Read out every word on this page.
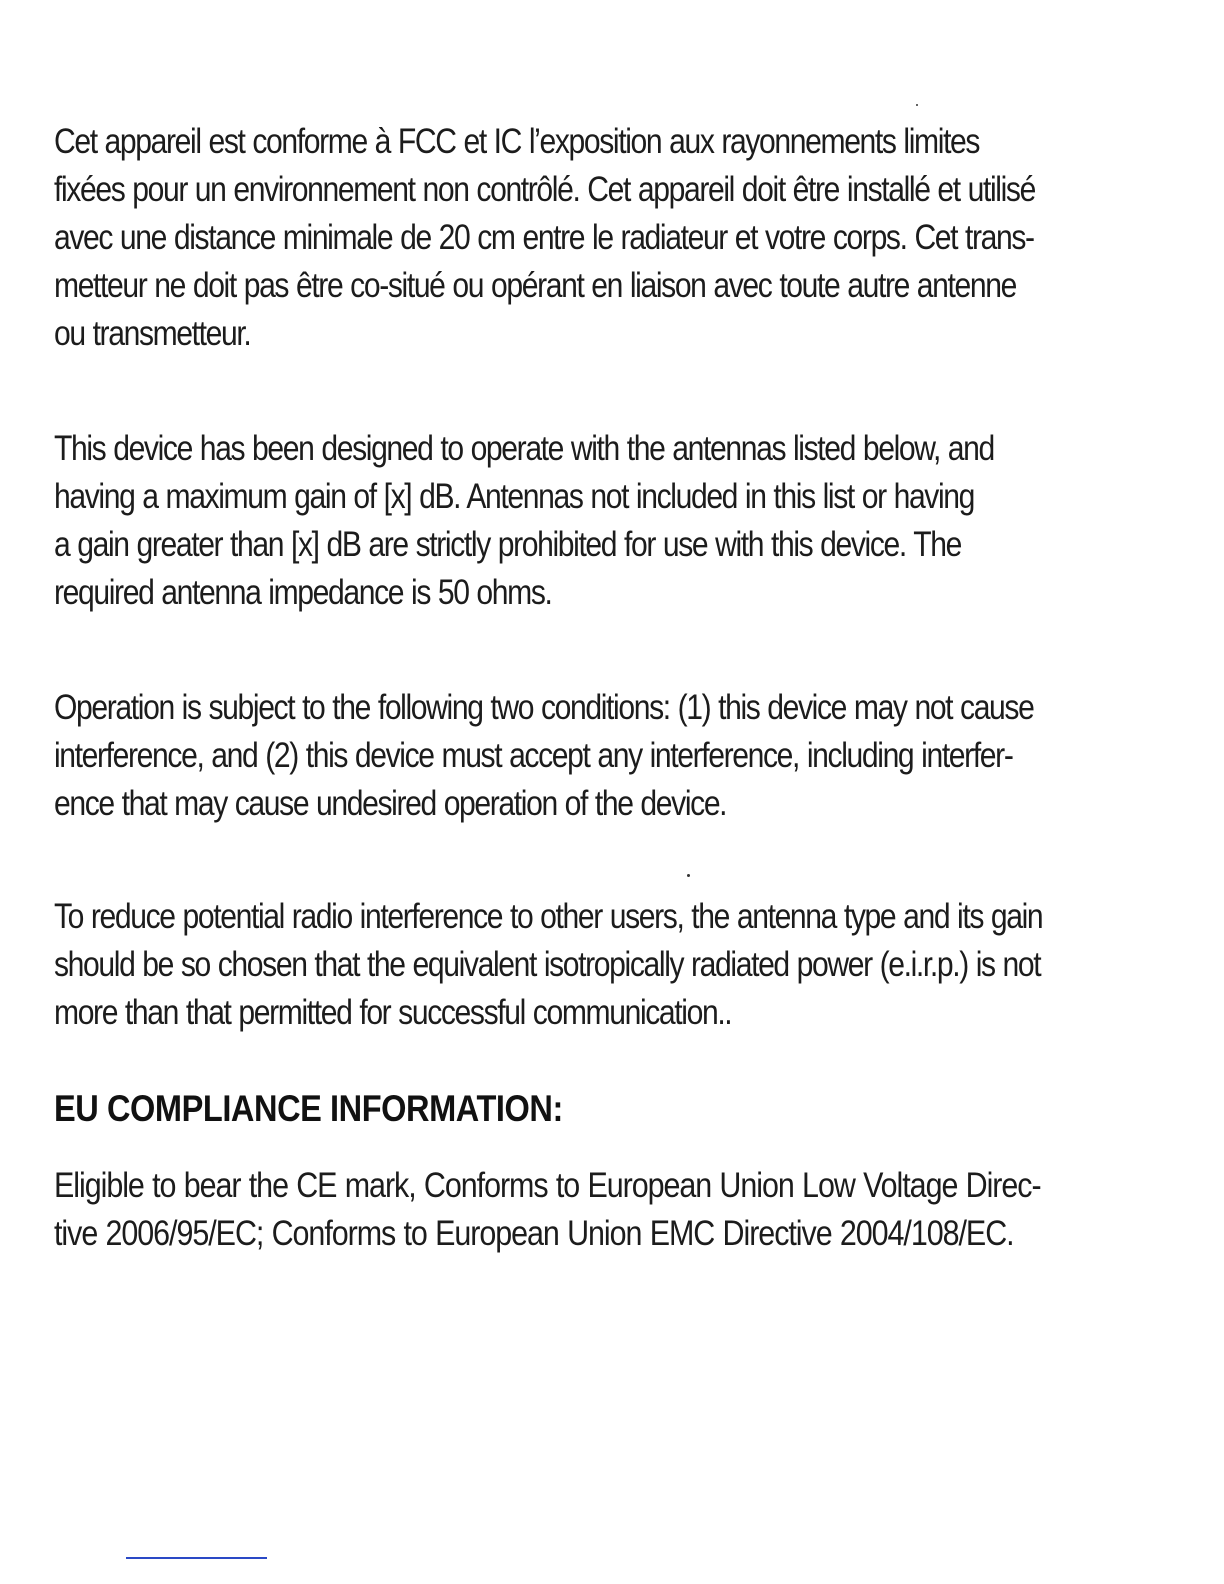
Cet appareil est conforme à FCC et IC l’exposition aux rayonnements limites
fixées pour un environnement non contrôlé. Cet appareil doit être installé et utilisé
avec une distance minimale de 20 cm entre le radiateur et votre corps. Cet trans-
metteur ne doit pas être co-situé ou opérant en liaison avec toute autre antenne
ou transmetteur.

This device has been designed to operate with the antennas listed below, and
having a maximum gain of [x] dB. Antennas not included in this list or having
a gain greater than [x] dB are strictly prohibited for use with this device. The
required antenna impedance is 50 ohms.

Operation is subject to the following two conditions: (1) this device may not cause
interference, and (2) this device must accept any interference, including interfer-
ence that may cause undesired operation of the device.

To reduce potential radio interference to other users, the antenna type and its gain
should be so chosen that the equivalent isotropically radiated power (e.i.r.p.) is not
more than that permitted for successful communication..

EU COMPLIANCE INFORMATION:

Eligible to bear the CE mark, Conforms to European Union Low Voltage Direc-
tive 2006/95/EC; Conforms to European Union EMC Directive 2004/108/EC.
